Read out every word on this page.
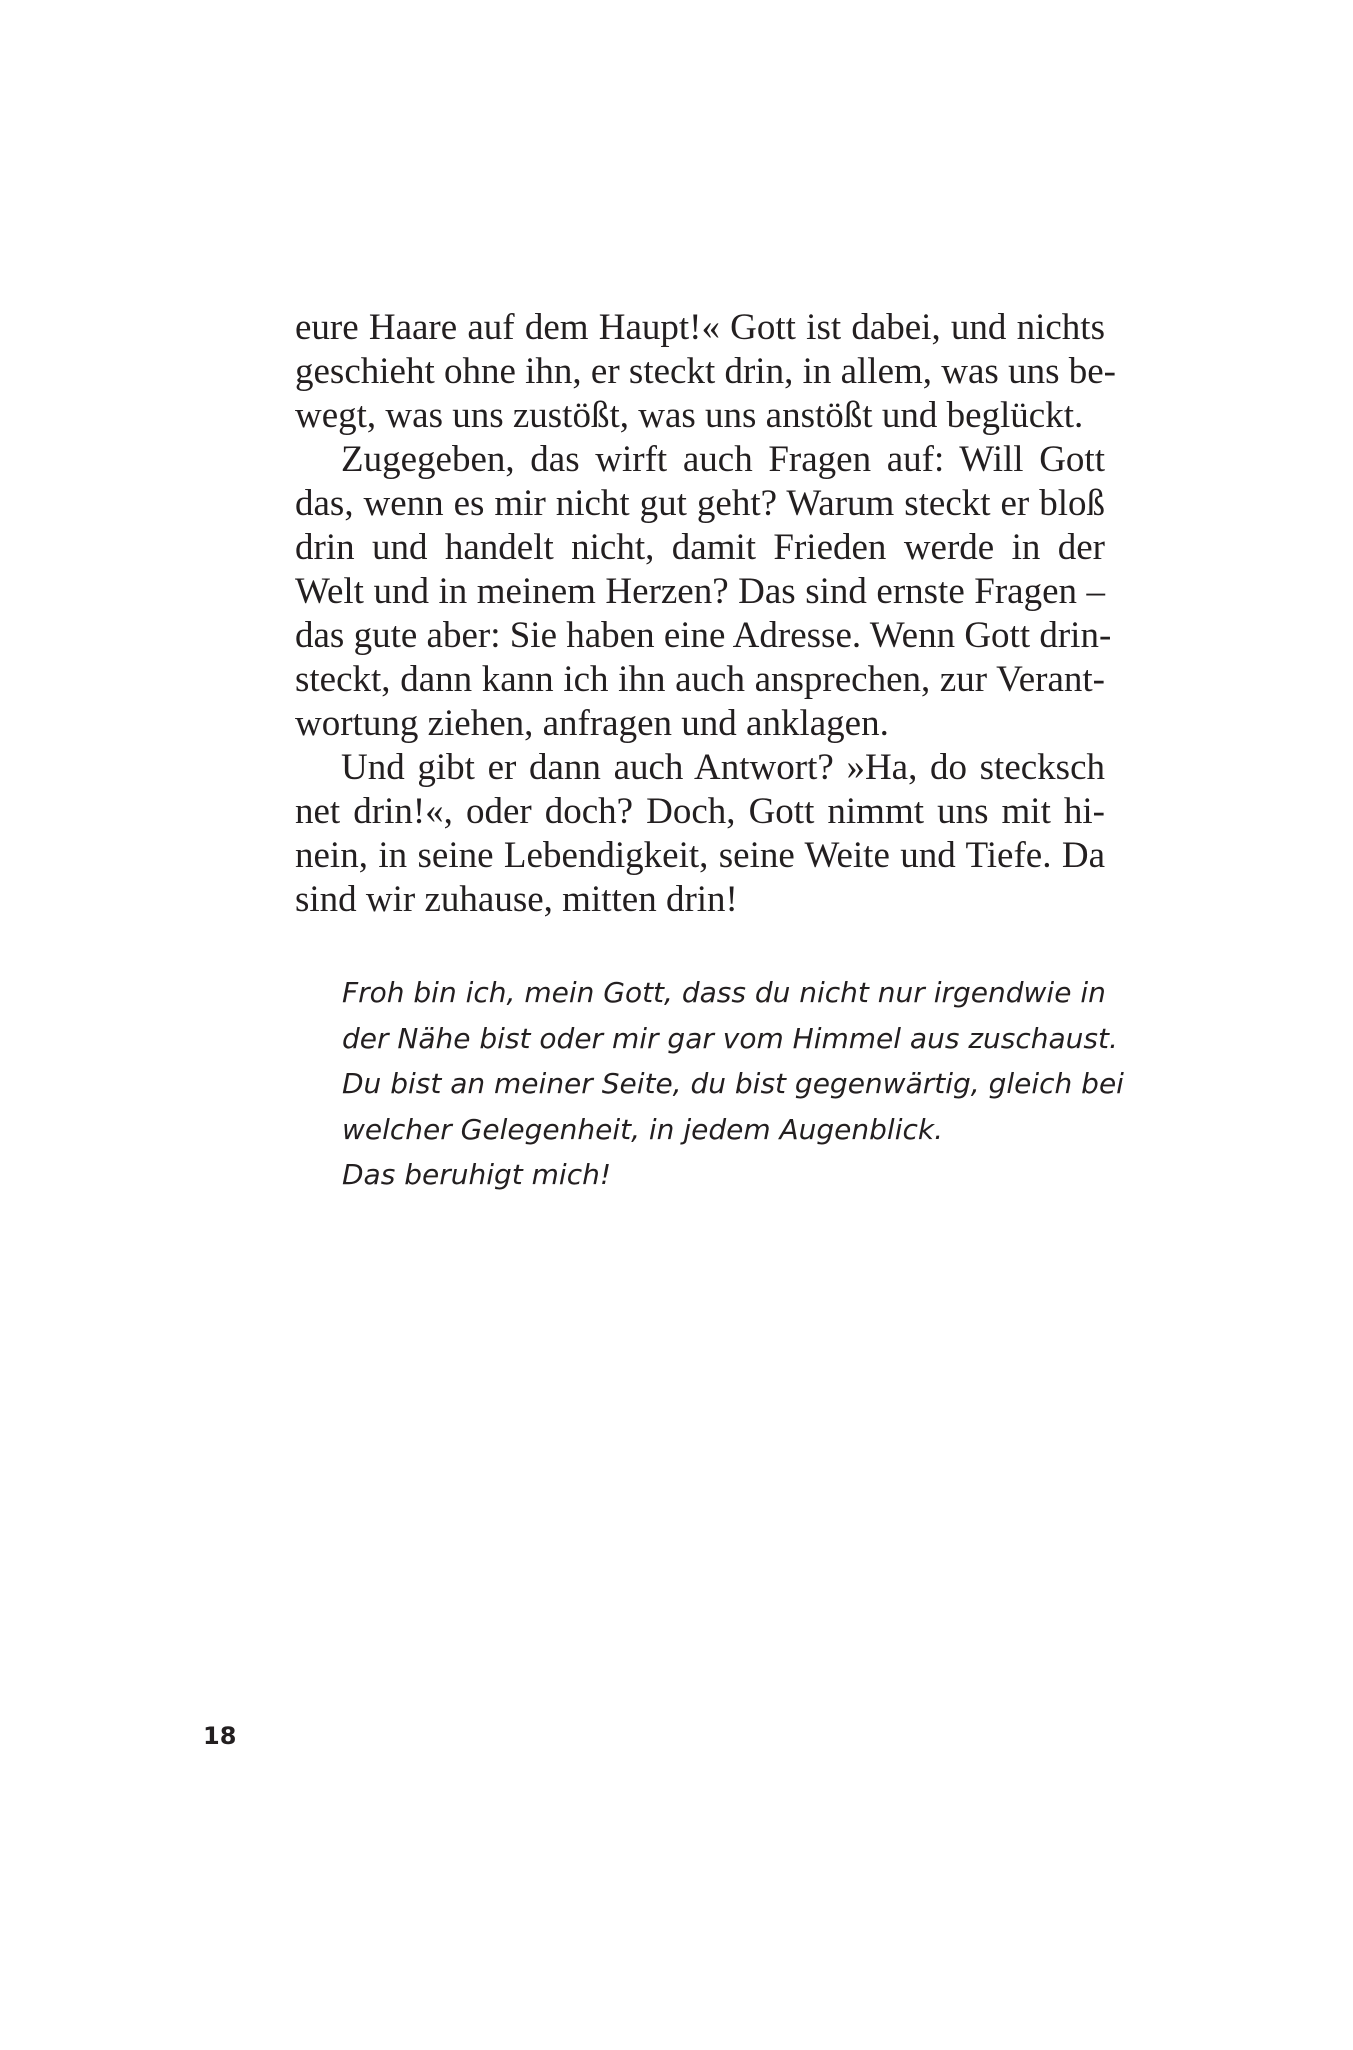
eure Haare auf dem Haupt!« Gott ist dabei, und nichts
geschieht ohne ihn, er steckt drin, in allem, was uns be-
wegt, was uns zustößt, was uns anstößt und beglückt.
Zugegeben, das wirft auch Fragen auf: Will Gott
das, wenn es mir nicht gut geht? Warum steckt er bloß
drin und handelt nicht, damit Frieden werde in der
Welt und in meinem Herzen? Das sind ernste Fragen –
das gute aber: Sie haben eine Adresse. Wenn Gott drin-
steckt, dann kann ich ihn auch ansprechen, zur Verant-
wortung ziehen, anfragen und anklagen.
Und gibt er dann auch Antwort? »Ha, do stecksch
net drin!«, oder doch? Doch, Gott nimmt uns mit hi-
nein, in seine Lebendigkeit, seine Weite und Tiefe. Da
sind wir zuhause, mitten drin!
Froh bin ich, mein Gott, dass du nicht nur irgendwie in
der Nähe bist oder mir gar vom Himmel aus zuschaust.
Du bist an meiner Seite, du bist gegenwärtig, gleich bei
welcher Gelegenheit, in jedem Augenblick.
Das beruhigt mich!
18
